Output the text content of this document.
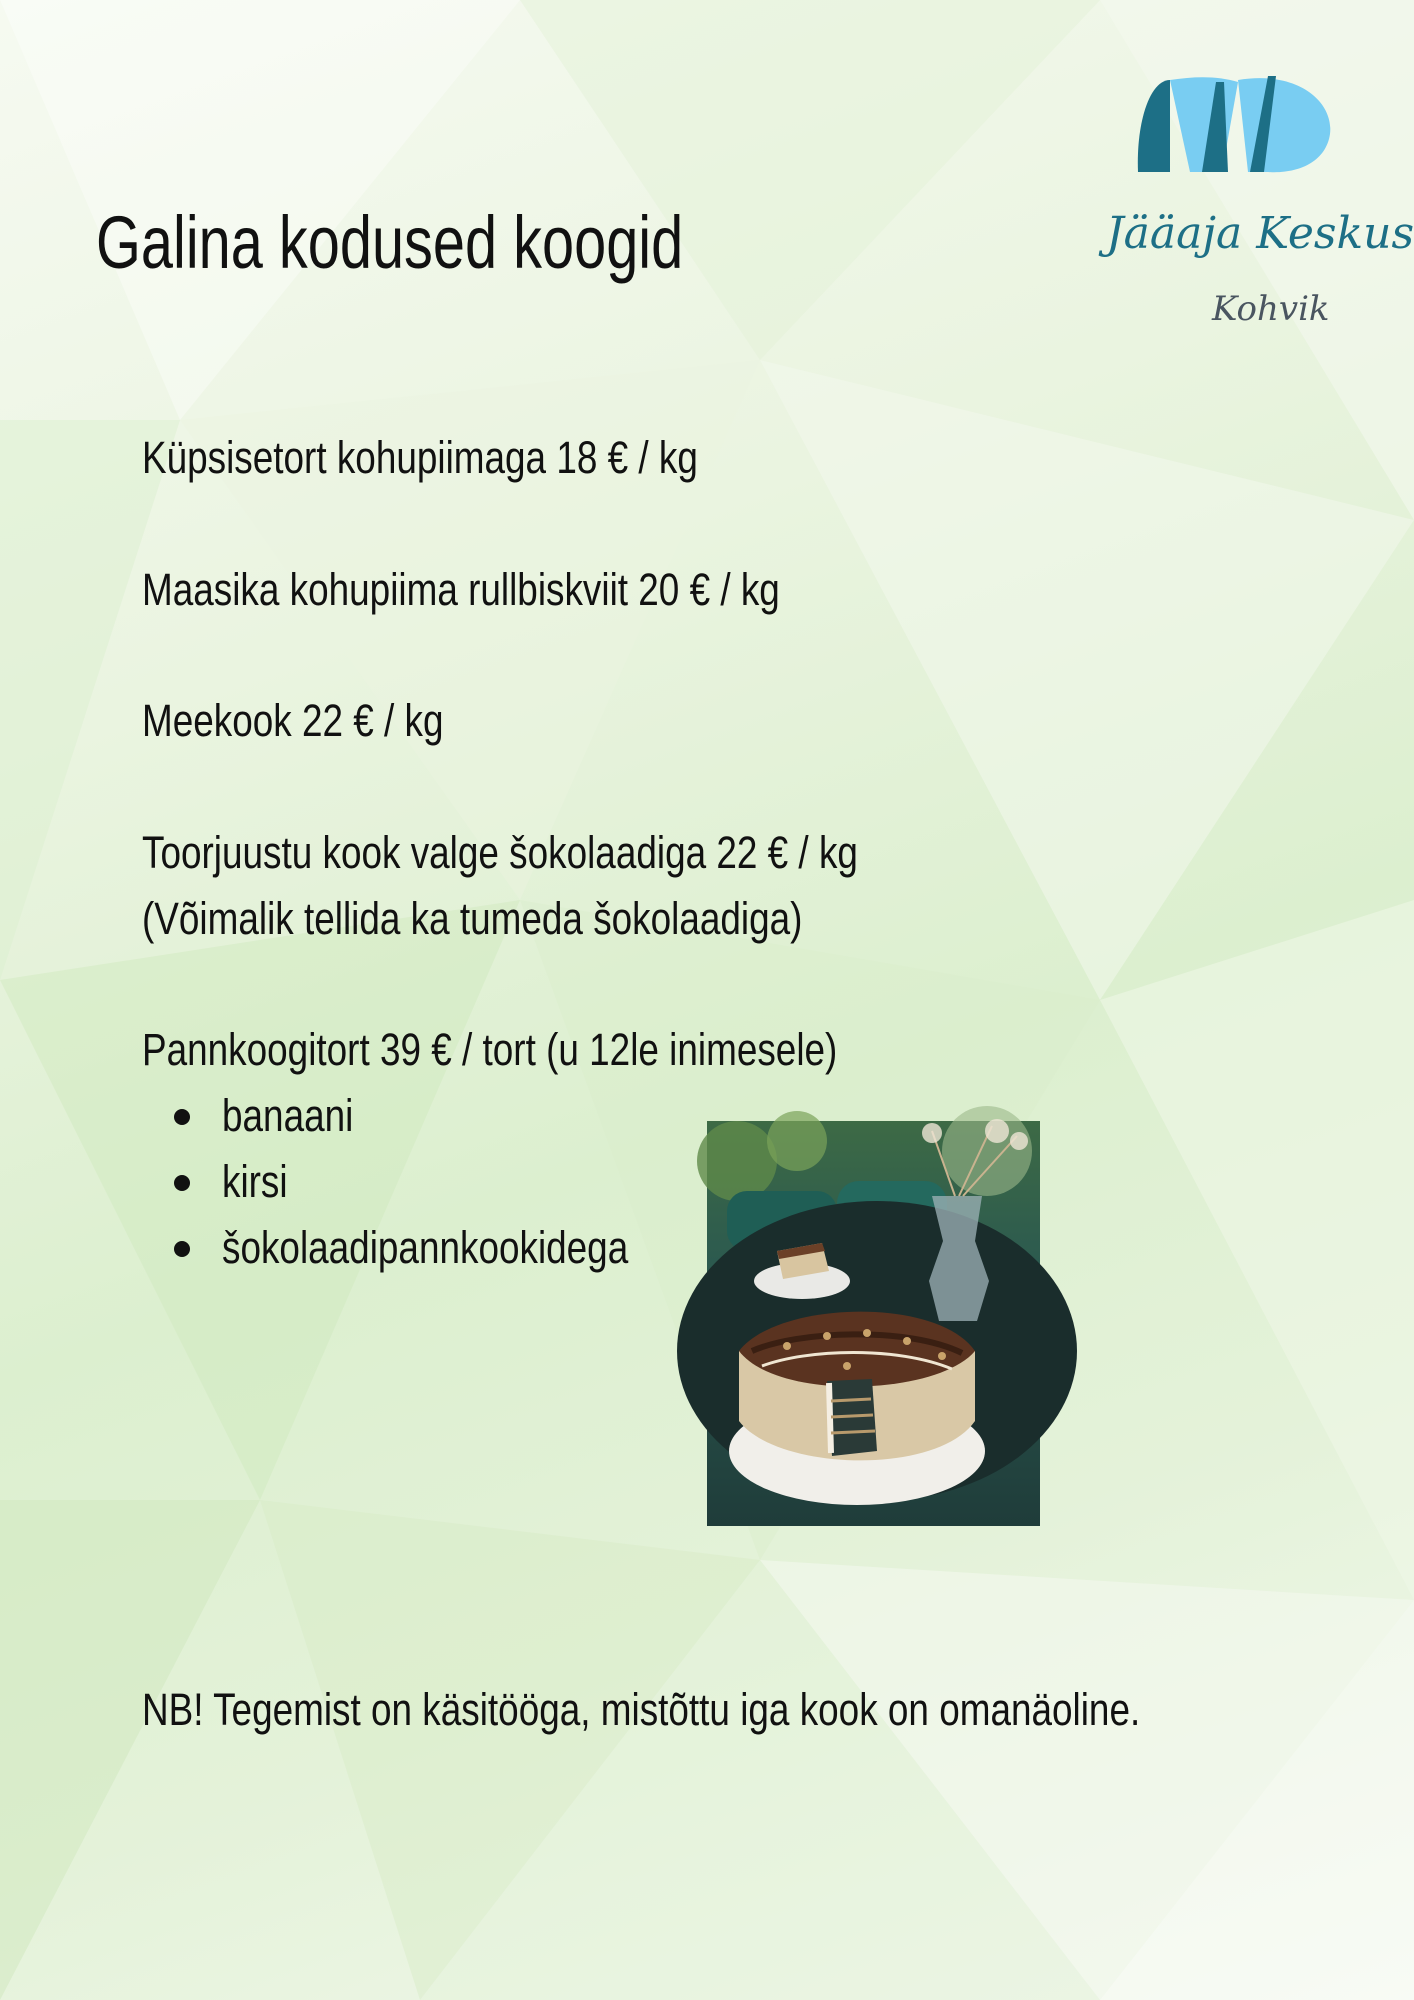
Jääaja Keskus
Kohvik
Galina kodused koogid
Küpsisetort kohupiimaga 18 € / kg
Maasika kohupiima rullbiskviit 20 € / kg
Meekook 22 € / kg
Toorjuustu kook valge šokolaadiga 22 € / kg
(Võimalik tellida ka tumeda šokolaadiga)
Pannkoogitort 39 € / tort (u 12le inimesele)
banaani
kirsi
šokolaadipannkookidega
NB! Tegemist on käsitööga, mistõttu iga kook on omanäoline.
